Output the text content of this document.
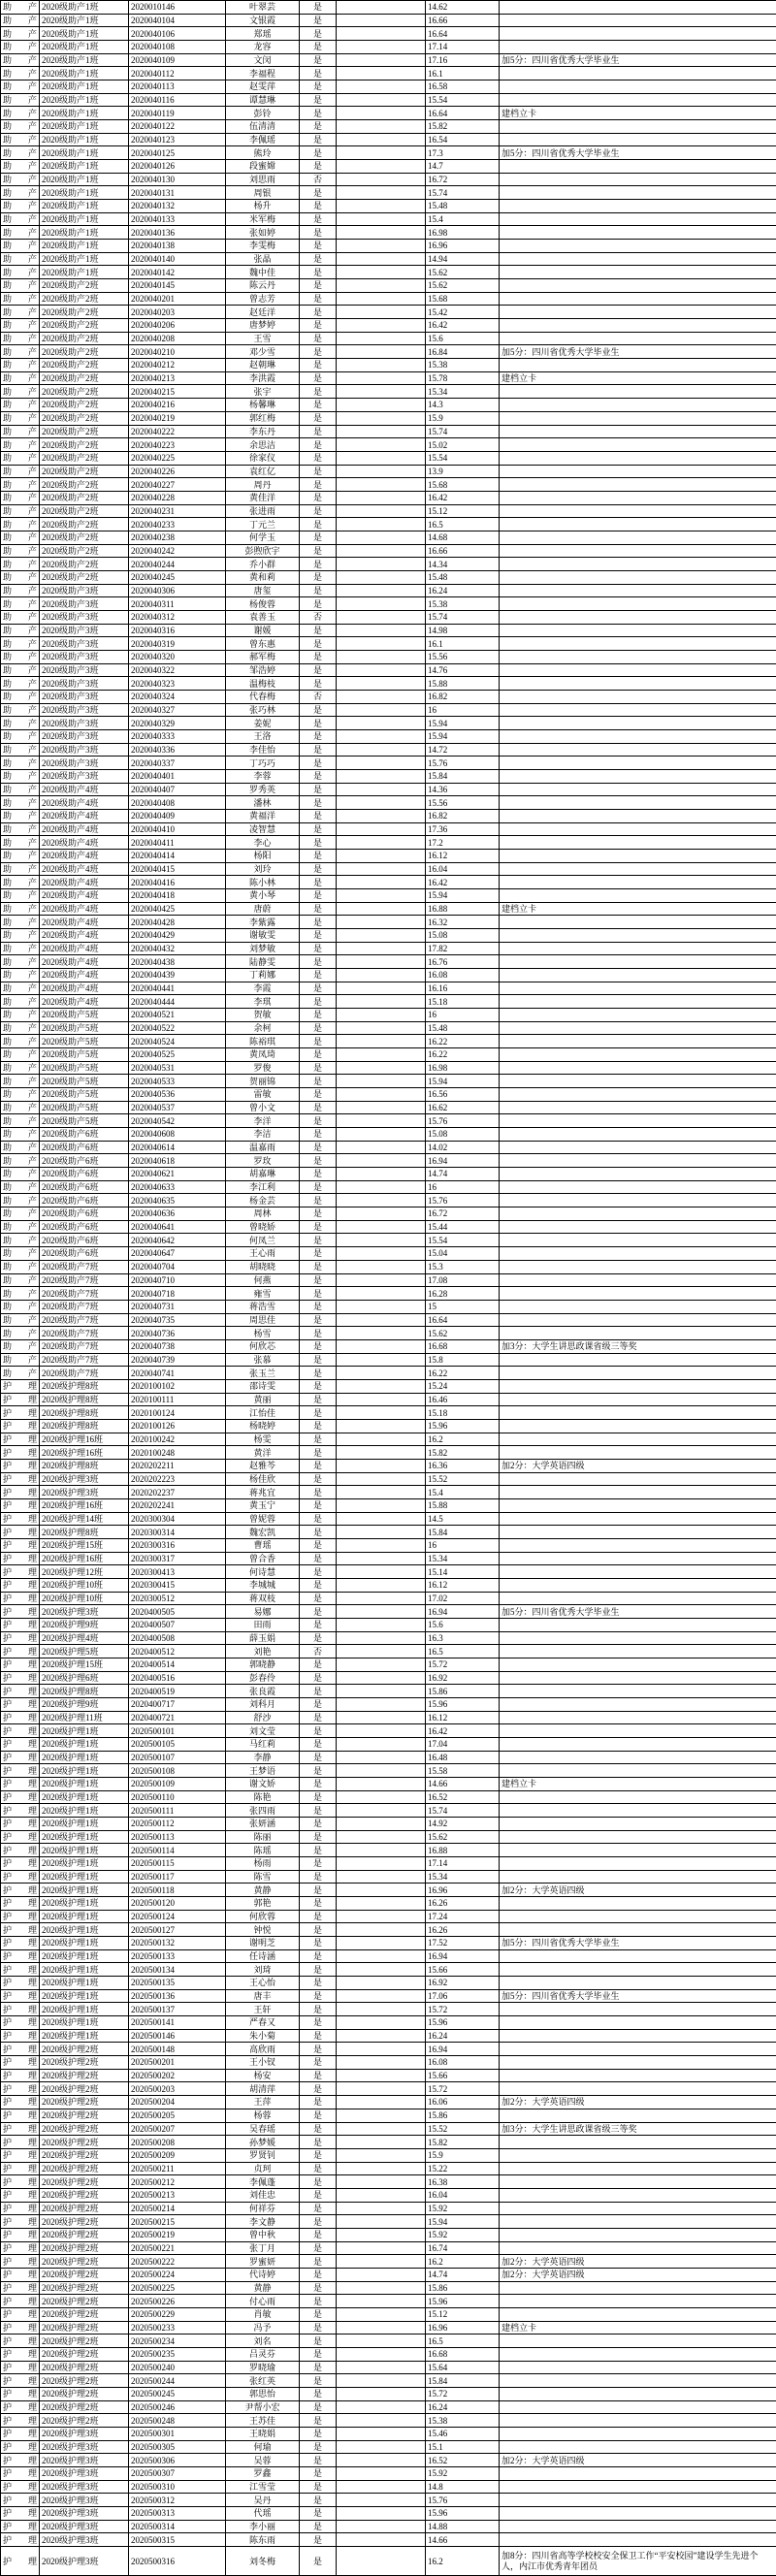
助产	2020级助产1班	2020010146	叶翠芸	是		14.62	
助产	2020级助产1班	2020040104	文银霞	是		16.66	
助产	2020级助产1班	2020040106	郑瑶	是		16.64	
助产	2020级助产1班	2020040108	龙容	是		17.14	
助产	2020级助产1班	2020040109	文闵	是		17.16	加5分：四川省优秀大学毕业生
助产	2020级助产1班	2020040112	李福程	是		16.1	
助产	2020级助产1班	2020040113	赵雯萍	是		16.58	
助产	2020级助产1班	2020040116	谭慧琳	是		15.54	
助产	2020级助产1班	2020040119	彭铃	是		16.64	建档立卡
助产	2020级助产1班	2020040122	伍清清	是		15.82	
助产	2020级助产1班	2020040123	李佩瑶	是		16.54	
助产	2020级助产1班	2020040125	熊玲	是		17.3	加5分：四川省优秀大学毕业生
助产	2020级助产1班	2020040126	段蜜嫦	是		14.7	
助产	2020级助产1班	2020040130	刘思雨	否		16.72	
助产	2020级助产1班	2020040131	周银	是		15.74	
助产	2020级助产1班	2020040132	杨升	是		15.48	
助产	2020级助产1班	2020040133	米军梅	是		15.4	
助产	2020级助产1班	2020040136	张如婷	是		16.98	
助产	2020级助产1班	2020040138	李雯梅	是		16.96	
助产	2020级助产1班	2020040140	张晶	是		14.94	
助产	2020级助产1班	2020040142	魏中佳	是		15.62	
助产	2020级助产2班	2020040145	陈云丹	是		15.62	
助产	2020级助产2班	2020040201	曾志芳	是		15.68	
助产	2020级助产2班	2020040203	赵廷洋	是		15.42	
助产	2020级助产2班	2020040206	唐梦婷	是		16.42	
助产	2020级助产2班	2020040208	王雪	是		15.6	
助产	2020级助产2班	2020040210	邓少雪	是		16.84	加5分：四川省优秀大学毕业生
助产	2020级助产2班	2020040212	赵朝琳	是		15.38	
助产	2020级助产2班	2020040213	李洪霞	是		15.78	建档立卡
助产	2020级助产2班	2020040215	张宇	是		15.34	
助产	2020级助产2班	2020040216	杨馨琳	是		14.3	
助产	2020级助产2班	2020040219	郭红梅	是		15.9	
助产	2020级助产2班	2020040222	李东丹	是		15.74	
助产	2020级助产2班	2020040223	余思洁	是		15.02	
助产	2020级助产2班	2020040225	徐家仪	是		15.54	
助产	2020级助产2班	2020040226	袁红亿	是		13.9	
助产	2020级助产2班	2020040227	周丹	是		15.68	
助产	2020级助产2班	2020040228	黄佳洋	是		16.42	
助产	2020级助产2班	2020040231	张进雨	是		15.12	
助产	2020级助产2班	2020040233	丁元兰	是		16.5	
助产	2020级助产2班	2020040238	何学玉	是		14.68	
助产	2020级助产2班	2020040242	彭煦欣宇	是		16.66	
助产	2020级助产2班	2020040244	乔小群	是		14.34	
助产	2020级助产2班	2020040245	黄和莉	是		15.48	
助产	2020级助产3班	2020040306	唐玺	是		16.24	
助产	2020级助产3班	2020040311	杨俊蓉	是		15.38	
助产	2020级助产3班	2020040312	袁善玉	否		15.74	
助产	2020级助产3班	2020040316	谢媛	是		14.98	
助产	2020级助产3班	2020040319	曾东惠	是		16.1	
助产	2020级助产3班	2020040320	郝军梅	是		15.56	
助产	2020级助产3班	2020040322	邹浩婷	是		14.76	
助产	2020级助产3班	2020040323	温梅枝	是		15.88	
助产	2020级助产3班	2020040324	代春梅	否		16.82	
助产	2020级助产3班	2020040327	张巧林	是		16	
助产	2020级助产3班	2020040329	姜妮	是		15.94	
助产	2020级助产3班	2020040333	王洛	是		15.94	
助产	2020级助产3班	2020040336	李佳怡	是		14.72	
助产	2020级助产3班	2020040337	丁巧巧	是		15.76	
助产	2020级助产3班	2020040401	李蓉	是		15.84	
助产	2020级助产4班	2020040407	罗秀英	是		14.36	
助产	2020级助产4班	2020040408	潘林	是		15.56	
助产	2020级助产4班	2020040409	黄福洋	是		16.82	
助产	2020级助产4班	2020040410	凌智慧	是		17.36	
助产	2020级助产4班	2020040411	李心	是		17.2	
助产	2020级助产4班	2020040414	杨阳	是		16.12	
助产	2020级助产4班	2020040415	刘玲	是		16.04	
助产	2020级助产4班	2020040416	陈小林	是		16.42	
助产	2020级助产4班	2020040418	黄小琴	是		15.94	
助产	2020级助产4班	2020040425	唐蔚	是		16.88	建档立卡
助产	2020级助产4班	2020040428	李紫露	是		16.32	
助产	2020级助产4班	2020040429	谢敏雯	是		15.08	
助产	2020级助产4班	2020040432	刘梦敏	是		17.82	
助产	2020级助产4班	2020040438	陆静雯	是		16.76	
助产	2020级助产4班	2020040439	丁莉娜	是		16.08	
助产	2020级助产4班	2020040441	李霞	是		16.16	
助产	2020级助产4班	2020040444	李琪	是		15.18	
助产	2020级助产5班	2020040521	贺敏	是		16	
助产	2020级助产5班	2020040522	余柯	是		15.48	
助产	2020级助产5班	2020040524	陈裕琪	是		16.22	
助产	2020级助产5班	2020040525	黄凤琦	是		16.22	
助产	2020级助产5班	2020040531	罗俊	是		16.98	
助产	2020级助产5班	2020040533	贺丽锦	是		15.94	
助产	2020级助产5班	2020040536	雷敏	是		16.56	
助产	2020级助产5班	2020040537	曾小文	是		16.62	
助产	2020级助产5班	2020040542	李洋	是		15.76	
助产	2020级助产6班	2020040608	李洁	是		15.08	
助产	2020级助产6班	2020040614	温嘉雨	是		14.02	
助产	2020级助产6班	2020040618	罗玫	是		16.94	
助产	2020级助产6班	2020040621	胡嘉琳	是		14.74	
助产	2020级助产6班	2020040633	李江利	是		16	
助产	2020级助产6班	2020040635	杨金芸	是		15.76	
助产	2020级助产6班	2020040636	周林	是		16.72	
助产	2020级助产6班	2020040641	曾晓娇	是		15.44	
助产	2020级助产6班	2020040642	何凤兰	是		15.54	
助产	2020级助产6班	2020040647	王心雨	是		15.04	
助产	2020级助产7班	2020040704	胡晓晓	是		15.3	
助产	2020级助产7班	2020040710	何燕	是		17.08	
助产	2020级助产7班	2020040718	雍雪	是		16.28	
助产	2020级助产7班	2020040731	蒋浩雪	是		15	
助产	2020级助产7班	2020040735	周思佳	是		16.64	
助产	2020级助产7班	2020040736	杨雪	是		15.62	
助产	2020级助产7班	2020040738	何欣芯	是		16.68	加3分：大学生讲思政课省级三等奖
助产	2020级助产7班	2020040739	张慕	是		15.8	
助产	2020级助产7班	2020040741	张玉兰	是		16.22	
护理	2020级护理8班	2020100102	邵诗雯	是		15.24	
护理	2020级护理8班	2020100111	黄丽	是		16.46	
护理	2020级护理8班	2020100124	江怡佳	是		15.18	
护理	2020级护理8班	2020100126	杨晓婷	是		15.96	
护理	2020级护理16班	2020100242	杨雯	是		16.2	
护理	2020级护理16班	2020100248	黄洋	是		15.82	
护理	2020级护理8班	2020202211	赵雅芩	是		16.36	加2分：大学英语四级
护理	2020级护理3班	2020202223	杨佳欣	是		15.52	
护理	2020级护理3班	2020202237	蒋兆宜	是		15.4	
护理	2020级护理16班	2020202241	黄玉宁	是		15.88	
护理	2020级护理14班	2020300304	曾妮蓉	是		14.5	
护理	2020级护理8班	2020300314	魏宏凯	是		15.84	
护理	2020级护理15班	2020300316	曹瑶	是		16	
护理	2020级护理16班	2020300317	曾合香	是		15.34	
护理	2020级护理12班	2020300413	何诗慧	是		15.14	
护理	2020级护理10班	2020300415	李城城	是		16.12	
护理	2020级护理10班	2020300512	蒋双枝	是		17.02	
护理	2020级护理3班	2020400505	易娜	是		16.94	加5分：四川省优秀大学毕业生
护理	2020级护理9班	2020400507	田雨	是		15.6	
护理	2020级护理4班	2020400508	薛玉娟	是		16.3	
护理	2020级护理5班	2020400512	刘艳	否		16.5	
护理	2020级护理15班	2020400514	郭晓静	是		15.72	
护理	2020级护理6班	2020400516	彭春伶	是		16.92	
护理	2020级护理8班	2020400519	张良霞	是		15.86	
护理	2020级护理9班	2020400717	刘科月	是		15.96	
护理	2020级护理11班	2020400721	舒沙	是		16.12	
护理	2020级护理1班	2020500101	刘文莹	是		16.42	
护理	2020级护理1班	2020500105	马红莉	是		17.04	
护理	2020级护理1班	2020500107	李静	是		16.48	
护理	2020级护理1班	2020500108	王梦语	是		15.58	
护理	2020级护理1班	2020500109	谢文娇	是		14.66	建档立卡
护理	2020级护理1班	2020500110	陈艳	是		16.52	
护理	2020级护理1班	2020500111	张四雨	是		15.74	
护理	2020级护理1班	2020500112	张妍涵	是		14.92	
护理	2020级护理1班	2020500113	陈丽	是		15.62	
护理	2020级护理1班	2020500114	陈瑶	是		16.88	
护理	2020级护理1班	2020500115	杨雨	是		17.14	
护理	2020级护理1班	2020500117	陈雪	是		15.34	
护理	2020级护理1班	2020500118	黄静	是		16.96	加2分：大学英语四级
护理	2020级护理1班	2020500120	郭艳	是		16.26	
护理	2020级护理1班	2020500124	何欣蓉	是		17.24	
护理	2020级护理1班	2020500127	钟悦	是		16.26	
护理	2020级护理1班	2020500132	谢明芝	是		17.52	加5分：四川省优秀大学毕业生
护理	2020级护理1班	2020500133	任诗涵	是		16.94	
护理	2020级护理1班	2020500134	刘琦	是		15.66	
护理	2020级护理1班	2020500135	王心怡	是		16.92	
护理	2020级护理1班	2020500136	唐丰	是		17.06	加5分：四川省优秀大学毕业生
护理	2020级护理1班	2020500137	王轩	是		15.72	
护理	2020级护理1班	2020500141	严春又	是		15.96	
护理	2020级护理1班	2020500146	朱小菊	是		16.24	
护理	2020级护理2班	2020500148	高欣雨	是		16.94	
护理	2020级护理2班	2020500201	王小钗	是		16.08	
护理	2020级护理2班	2020500202	杨安	是		15.66	
护理	2020级护理2班	2020500203	胡清萍	是		15.72	
护理	2020级护理2班	2020500204	王萍	是		16.06	加2分：大学英语四级
护理	2020级护理2班	2020500205	杨蓉	是		15.86	
护理	2020级护理2班	2020500207	吴春瑶	是		15.52	加3分：大学生讲思政课省级三等奖
护理	2020级护理2班	2020500208	孙梦媛	是		15.82	
护理	2020级护理2班	2020500209	罗贤钊	是		15.9	
护理	2020级护理2班	2020500211	贞珂	是		15.22	
护理	2020级护理2班	2020500212	李佩蓬	是		16.38	
护理	2020级护理2班	2020500213	刘佳忠	是		16.04	
护理	2020级护理2班	2020500214	何祥芬	是		15.92	
护理	2020级护理2班	2020500215	李文静	是		15.94	
护理	2020级护理2班	2020500219	曾中秋	是		15.92	
护理	2020级护理2班	2020500221	张丁月	是		16.74	
护理	2020级护理2班	2020500222	罗蜜妍	是		16.2	加2分：大学英语四级
护理	2020级护理2班	2020500224	代诗婷	是		14.74	加2分：大学英语四级
护理	2020级护理2班	2020500225	黄静	是		15.86	
护理	2020级护理2班	2020500226	付心雨	是		15.96	
护理	2020级护理2班	2020500229	肖敏	是		15.12	
护理	2020级护理2班	2020500233	冯予	是		16.96	建档立卡
护理	2020级护理2班	2020500234	刘名	是		16.5	
护理	2020级护理2班	2020500235	吕灵芬	是		16.68	
护理	2020级护理2班	2020500240	罗晓瑜	是		15.64	
护理	2020级护理2班	2020500244	张红英	是		15.84	
护理	2020级护理2班	2020500245	郭思怡	是		15.72	
护理	2020级护理2班	2020500246	尹帮小宏	是		16.24	
护理	2020级护理2班	2020500248	王苏佳	是		15.38	
护理	2020级护理3班	2020500301	王晓娟	是		15.46	
护理	2020级护理3班	2020500305	何瑜	是		15.1	
护理	2020级护理3班	2020500306	吴蓉	是		16.52	加2分：大学英语四级
护理	2020级护理3班	2020500307	罗鑫	是		15.92	
护理	2020级护理3班	2020500310	江雪莹	是		14.8	
护理	2020级护理3班	2020500312	吴丹	是		15.76	
护理	2020级护理3班	2020500313	代瑶	是		15.96	
护理	2020级护理3班	2020500314	李小丽	是		14.88	
护理	2020级护理3班	2020500315	陈东雨	是		14.66	
护理	2020级护理3班	2020500316	刘冬梅	是		16.2	加8分：四川省高等学校校安全保卫工作“平安校园”建设学生先进个人，内江市优秀青年团员
